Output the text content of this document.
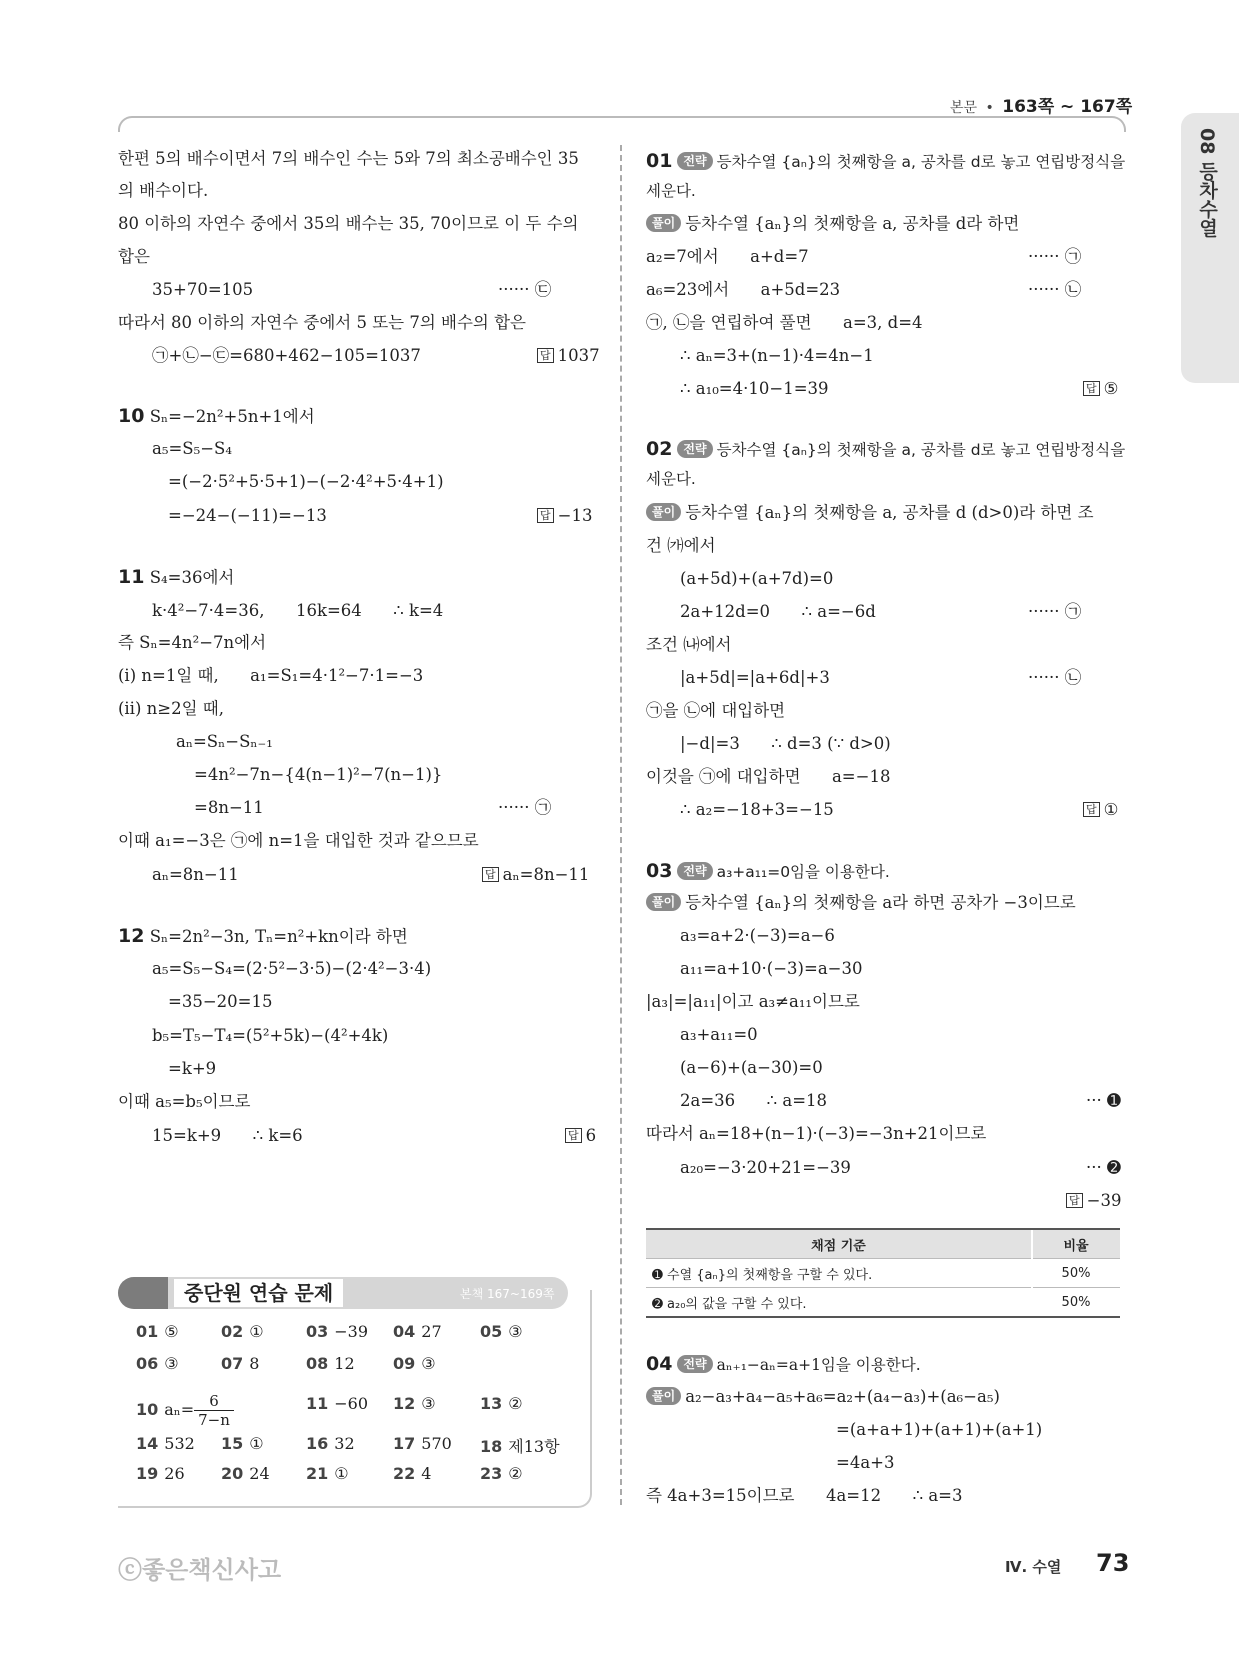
본문 • 163쪽 ~ 167쪽
08 등차수열
한편 5의 배수이면서 7의 배수인 수는 5와 7의 최소공배수인 35
의 배수이다.
80 이하의 자연수 중에서 35의 배수는 35, 70이므로 이 두 수의
합은
35+70=105	······ ㉢
따라서 80 이하의 자연수 중에서 5 또는 7의 배수의 합은
㉠+㉡−㉢=680+462−105=1037	답 1037
10 Sₙ=−2n²+5n+1에서
a₅=S₅−S₄
=(−2·5²+5·5+1)−(−2·4²+5·4+1)
=−24−(−11)=−13	답 −13
11 S₄=36에서
k·4²−7·4=36,      16k=64      ∴ k=4
즉 Sₙ=4n²−7n에서
(ⅰ) n=1일 때,      a₁=S₁=4·1²−7·1=−3
(ⅱ) n≥2일 때,
aₙ=Sₙ−Sₙ₋₁
=4n²−7n−{4(n−1)²−7(n−1)}
=8n−11	······ ㉠
이때 a₁=−3은 ㉠에 n=1을 대입한 것과 같으므로
aₙ=8n−11	답 aₙ=8n−11
12 Sₙ=2n²−3n, Tₙ=n²+kn이라 하면
a₅=S₅−S₄=(2·5²−3·5)−(2·4²−3·4)
=35−20=15
b₅=T₅−T₄=(5²+5k)−(4²+4k)
=k+9
이때 a₅=b₅이므로
15=k+9      ∴ k=6	답 6
중단원 연습 문제	본책 167~169쪽
01 ⑤	02 ①	03 −39 04 27 05 ③
06 ③	07 8	08 12 09 ③
10 $a_n= \frac{6}{7-n}$	11 −60 12 ③	13 ②
14 532 15 ①	16 32 17 570 18 제13항
19 26 20 24 21 ①	22 4	23 ②
01 전략 등차수열 {aₙ}의 첫째항을 a, 공차를 d로 놓고 연립방정식을
세운다.
풀이 등차수열 {aₙ}의 첫째항을 a, 공차를 d라 하면
a₂=7에서      a+d=7	······ ㉠
a₆=23에서      a+5d=23	······ ㉡
㉠, ㉡을 연립하여 풀면      a=3, d=4
∴ aₙ=3+(n−1)·4=4n−1
∴ a₁₀=4·10−1=39	답 ⑤
02 전략 등차수열 {aₙ}의 첫째항을 a, 공차를 d로 놓고 연립방정식을
세운다.
풀이 등차수열 {aₙ}의 첫째항을 a, 공차를 d (d>0)라 하면 조
건 ㈎에서
(a+5d)+(a+7d)=0
2a+12d=0      ∴ a=−6d	······ ㉠
조건 ㈏에서
|a+5d|=|a+6d|+3	······ ㉡
㉠을 ㉡에 대입하면
|−d|=3      ∴ d=3 (∵ d>0)
이것을 ㉠에 대입하면      a=−18
∴ a₂=−18+3=−15	답 ①
03 전략 a₃+a₁₁=0임을 이용한다.
풀이 등차수열 {aₙ}의 첫째항을 a라 하면 공차가 −3이므로
a₃=a+2·(−3)=a−6
a₁₁=a+10·(−3)=a−30
|a₃|=|a₁₁|이고 a₃≠a₁₁이므로
a₃+a₁₁=0
(a−6)+(a−30)=0
2a=36      ∴ a=18	··· ➊
따라서 aₙ=18+(n−1)·(−3)=−3n+21이므로
a₂₀=−3·20+21=−39	··· ➋
답 −39
채점 기준	비율
➊ 수열 {aₙ}의 첫째항을 구할 수 있다.	50%
➋ a₂₀의 값을 구할 수 있다.	50%
04 전략 aₙ₊₁−aₙ=a+1임을 이용한다.
풀이 a₂−a₃+a₄−a₅+a₆=a₂+(a₄−a₃)+(a₆−a₅)
=(a+a+1)+(a+1)+(a+1)
=4a+3
즉 4a+3=15이므로      4a=12      ∴ a=3
ⓒ좋은책신사고	Ⅳ. 수열 73
